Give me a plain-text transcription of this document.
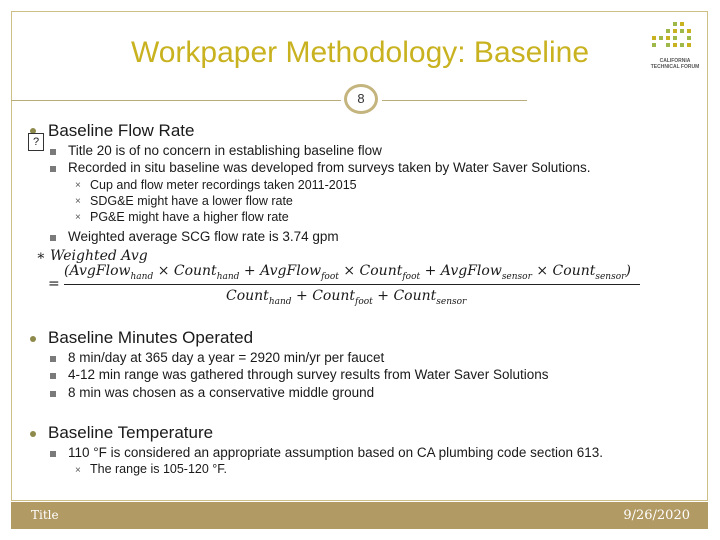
Workpaper Methodology: Baseline	CALIFORNIA
TECHNICAL FORUM
8
?
Baseline Flow Rate
Title 20 is of no concern in establishing baseline flow
Recorded in situ baseline was developed from surveys taken by Water Saver Solutions.
× Cup and flow meter recordings taken 2011-2015
× SDG&E might have a lower flow rate
× PG&E might have a higher flow rate
Weighted average SCG flow rate is 3.74 gpm
∗ Weighted Avg
(AvgFlow$_{hand}$ × Count$_{hand}$ + AvgFlow$_{foot}$ × Count$_{foot}$ + AvgFlow$_{sensor}$ × Count$_{sensor}$)
=
Count$_{hand}$ + Count$_{foot}$ + Count$_{sensor}$
Baseline Minutes Operated
8 min/day at 365 day a year = 2920 min/yr per faucet
4-12 min range was gathered through survey results from Water Saver Solutions
8 min was chosen as a conservative middle ground
Baseline Temperature
110 °F is considered an appropriate assumption based on CA plumbing code section 613.
× The range is 105-120 °F.
Title	9/26/2020
